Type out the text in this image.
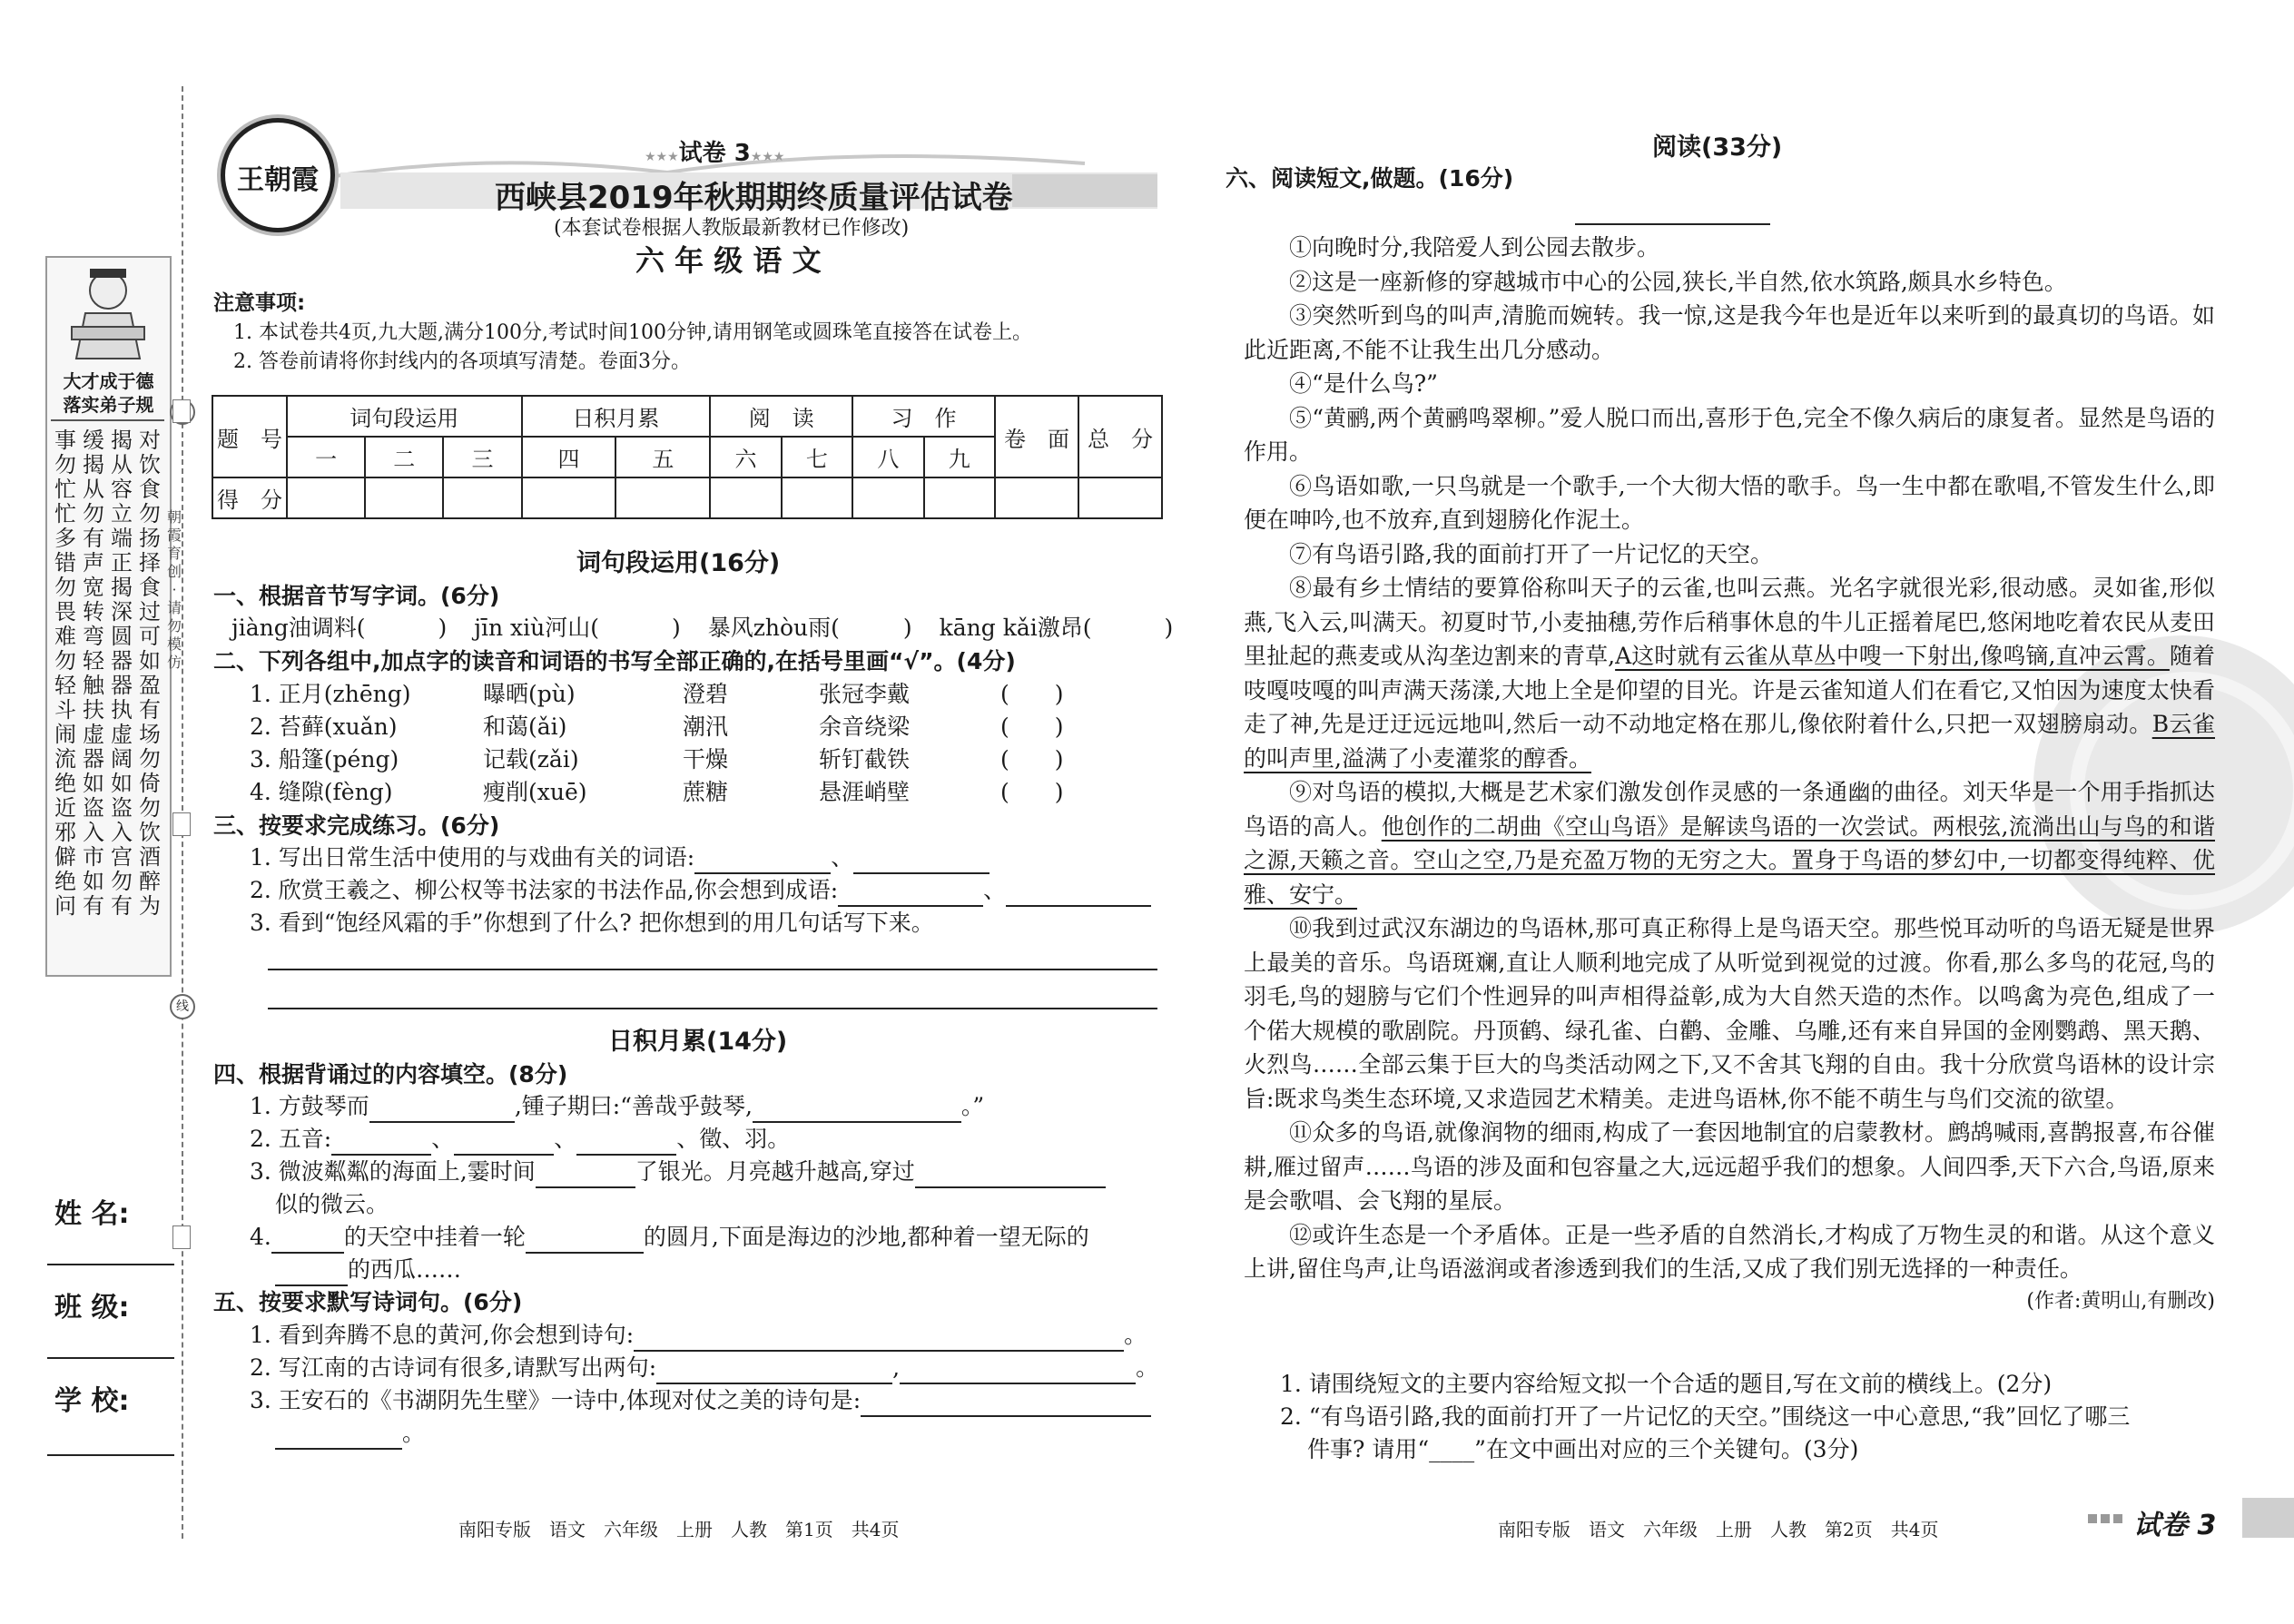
大才成于德
落实弟子规
事勿忙忙多错勿畏难勿轻斗闹流绝近邪僻绝问
缓揭从勿有声宽转弯轻触扶虚器如盗入市如有
揭从容立端正揭深圆器器执虚阔如盗入宫勿有
对饮食勿扬择食过可如盈有场勿倚勿饮酒醉为
线
朝霞育创 · 请勿模仿
姓 名:
班 级:
学 校:
王朝霞
★★★试卷 3★★★
西峡县2019年秋期期终质量评估试卷
(本套试卷根据人教版最新教材已作修改)
六 年 级 语 文
注意事项:
1. 本试卷共4页,九大题,满分100分,考试时间100分钟,请用钢笔或圆珠笔直接答在试卷上。
2. 答卷前请将你封线内的各项填写清楚。卷面3分。
题　号	词句段运用			日积月累		阅　读		习　作		卷　面	总　分
	一	二	三	四	五	六	七	八	九		
得　分											
词句段运用(16分)
一、根据音节写字词。(6分)
jiàng油调料(	) jīn xiù河山(	) 暴风zhòu雨(	) kāng kǎi激昂(	)
二、下列各组中,加点字的读音和词语的书写全部正确的,在括号里画“√”。(4分)
1. 正月(zhēng)	曝晒(pù)	澄碧	张冠李戴	(　　)
2. 苔藓(xuǎn)	和蔼(ǎi)	潮汛	余音绕梁	(　　)
3. 船篷(péng)	记载(zǎi)	干燥	斩钉截铁	(　　)
4. 缝隙(fèng)	瘦削(xuē)	蔗糖	悬涯峭壁	(　　)
三、按要求完成练习。(6分)
1. 写出日常生活中使用的与戏曲有关的词语:	、
2. 欣赏王羲之、柳公权等书法家的书法作品,你会想到成语:	、
3. 看到“饱经风霜的手”你想到了什么? 把你想到的用几句话写下来。
日积月累(14分)
四、根据背诵过的内容填空。(8分)
1. 方鼓琴而	,锺子期曰:“善哉乎鼓琴,	。”
2. 五音:	、	、	、徵、羽。
3. 微波粼粼的海面上,霎时间	了银光。月亮越升越高,穿过
似的微云。
4.	的天空中挂着一轮	的圆月,下面是海边的沙地,都种着一望无际的
的西瓜……
五、按要求默写诗词句。(6分)
1. 看到奔腾不息的黄河,你会想到诗句:	。
2. 写江南的古诗词有很多,请默写出两句:	,	。
3. 王安石的《书湖阴先生壁》一诗中,体现对仗之美的诗句是:
。
南阳专版　语文　六年级　上册　人教　第1页　共4页
阅读(33分)
六、阅读短文,做题。(16分)

①向晚时分,我陪爱人到公园去散步。

②这是一座新修的穿越城市中心的公园,狭长,半自然,依水筑路,颇具水乡特色。

③突然听到鸟的叫声,清脆而婉转。我一惊,这是我今年也是近年以来听到的最真切的鸟语。如此近距离,不能不让我生出几分感动。

④“是什么鸟?”

⑤“黄鹂,两个黄鹂鸣翠柳。”爱人脱口而出,喜形于色,完全不像久病后的康复者。显然是鸟语的作用。

⑥鸟语如歌,一只鸟就是一个歌手,一个大彻大悟的歌手。鸟一生中都在歌唱,不管发生什么,即便在呻吟,也不放弃,直到翅膀化作泥土。

⑦有鸟语引路,我的面前打开了一片记忆的天空。

⑧最有乡土情结的要算俗称叫天子的云雀,也叫云燕。光名字就很光彩,很动感。灵如雀,形似燕,飞入云,叫满天。初夏时节,小麦抽穗,劳作后稍事休息的牛儿正摇着尾巴,悠闲地吃着农民从麦田里扯起的燕麦或从沟垄边割来的青草,A这时就有云雀从草丛中嗖一下射出,像鸣镝,直冲云霄。随着吱嘎吱嘎的叫声满天荡漾,大地上全是仰望的目光。许是云雀知道人们在看它,又怕因为速度太快看走了神,先是迂迂远远地叫,然后一动不动地定格在那儿,像依附着什么,只把一双翅膀扇动。B云雀的叫声里,溢满了小麦灌浆的醇香。

⑨对鸟语的模拟,大概是艺术家们激发创作灵感的一条通幽的曲径。刘天华是一个用手指抓达鸟语的高人。他创作的二胡曲《空山鸟语》是解读鸟语的一次尝试。两根弦,流淌出山与鸟的和谐之源,天籁之音。空山之空,乃是充盈万物的无穷之大。置身于鸟语的梦幻中,一切都变得纯粹、优雅、安宁。

⑩我到过武汉东湖边的鸟语林,那可真正称得上是鸟语天空。那些悦耳动听的鸟语无疑是世界上最美的音乐。鸟语斑斓,直让人顺利地完成了从听觉到视觉的过渡。你看,那么多鸟的花冠,鸟的羽毛,鸟的翅膀与它们个性迥异的叫声相得益彰,成为大自然天造的杰作。以鸣禽为亮色,组成了一个偌大规模的歌剧院。丹顶鹤、绿孔雀、白鹳、金雕、乌雕,还有来自异国的金刚鹦鹉、黑天鹅、火烈鸟……全部云集于巨大的鸟类活动网之下,又不舍其飞翔的自由。我十分欣赏鸟语林的设计宗旨:既求鸟类生态环境,又求造园艺术精美。走进鸟语林,你不能不萌生与鸟们交流的欲望。

⑪众多的鸟语,就像润物的细雨,构成了一套因地制宜的启蒙教材。鹧鸪喊雨,喜鹊报喜,布谷催耕,雁过留声……鸟语的涉及面和包容量之大,远远超乎我们的想象。人间四季,天下六合,鸟语,原来是会歌唱、会飞翔的星辰。

⑫或许生态是一个矛盾体。正是一些矛盾的自然消长,才构成了万物生灵的和谐。从这个意义上讲,留住鸟声,让鸟语滋润或者渗透到我们的生活,又成了我们别无选择的一种责任。

(作者:黄明山,有删改)
1. 请围绕短文的主要内容给短文拟一个合适的题目,写在文前的横线上。(2分)
2. “有鸟语引路,我的面前打开了一片记忆的天空。”围绕这一中心意思,“我”回忆了哪三
件事? 请用“____”在文中画出对应的三个关键句。(3分)
南阳专版　语文　六年级　上册　人教　第2页　共4页	试卷 3
